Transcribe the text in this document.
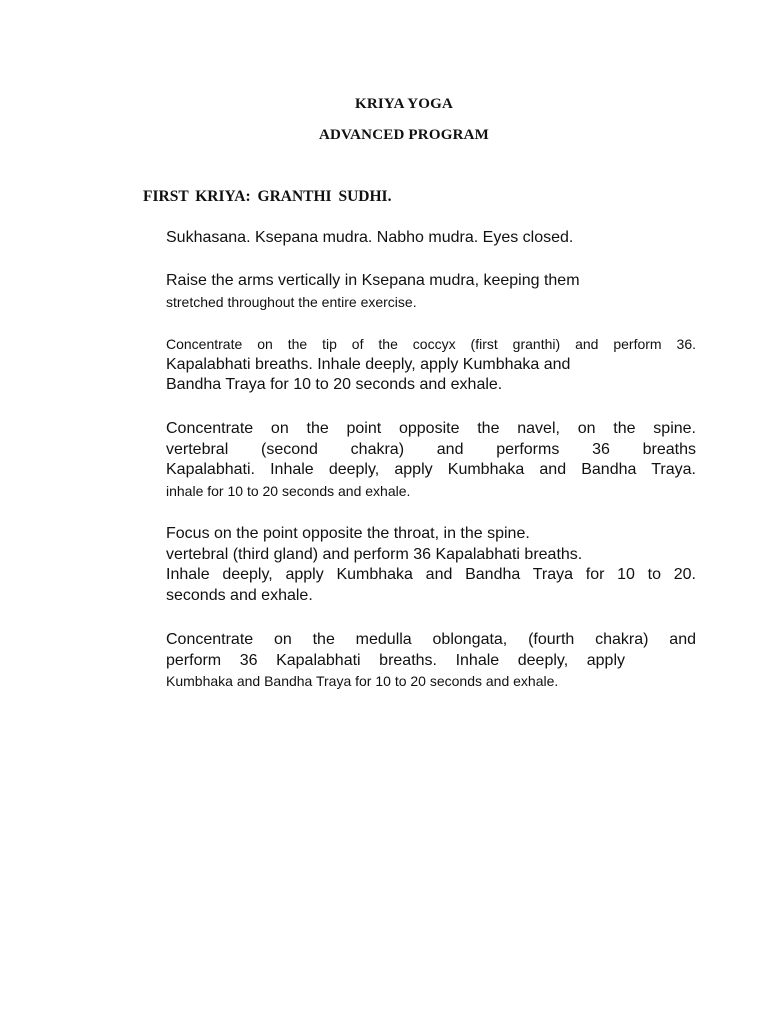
KRIYA YOGA
ADVANCED PROGRAM
FIRST KRIYA: GRANTHI SUDHI.
Sukhasana. Ksepana mudra. Nabho mudra. Eyes closed.
Raise the arms vertically in Ksepana mudra, keeping them
stretched throughout the entire exercise.
Concentrate on the tip of the coccyx (first granthi) and perform 36.
Kapalabhati breaths. Inhale deeply, apply Kumbhaka and
Bandha Traya for 10 to 20 seconds and exhale.
Concentrate on the point opposite the navel, on the spine.
vertebral (second chakra) and performs 36 breaths
Kapalabhati. Inhale deeply, apply Kumbhaka and Bandha Traya.
inhale for 10 to 20 seconds and exhale.
Focus on the point opposite the throat, in the spine.
vertebral (third gland) and perform 36 Kapalabhati breaths.
Inhale deeply, apply Kumbhaka and Bandha Traya for 10 to 20.
seconds and exhale.
Concentrate on the medulla oblongata, (fourth chakra) and
perform 36 Kapalabhati breaths. Inhale deeply, apply
Kumbhaka and Bandha Traya for 10 to 20 seconds and exhale.
